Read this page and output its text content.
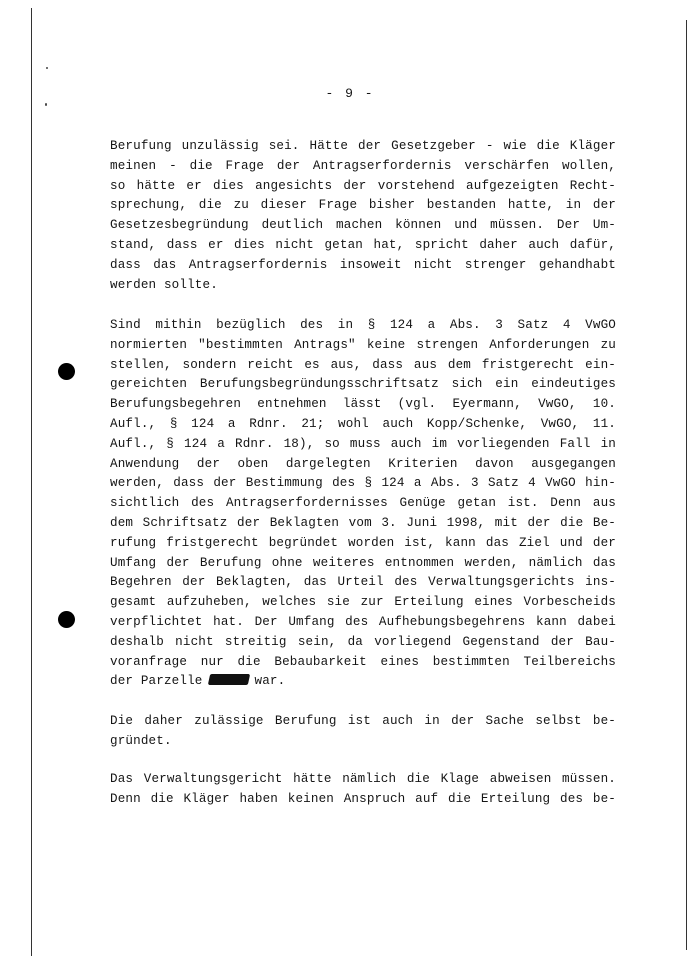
- 9 -
Berufung unzulässig sei. Hätte der Gesetzgeber - wie die Kläger
meinen - die Frage der Antragserfordernis verschärfen wollen,
so hätte er dies angesichts der vorstehend aufgezeigten Recht-
sprechung, die zu dieser Frage bisher bestanden hatte, in der
Gesetzesbegründung deutlich machen können und müssen. Der Um-
stand, dass er dies nicht getan hat, spricht daher auch dafür,
dass das Antragserfordernis insoweit nicht strenger gehandhabt
werden sollte.
Sind mithin bezüglich des in § 124 a Abs. 3 Satz 4 VwGO
normierten "bestimmten Antrags" keine strengen Anforderungen zu
stellen, sondern reicht es aus, dass aus dem fristgerecht ein-
gereichten Berufungsbegründungsschriftsatz sich ein eindeutiges
Berufungsbegehren entnehmen lässt (vgl. Eyermann, VwGO, 10.
Aufl., § 124 a Rdnr. 21; wohl auch Kopp/Schenke, VwGO, 11.
Aufl., § 124 a Rdnr. 18), so muss auch im vorliegenden Fall in
Anwendung der oben dargelegten Kriterien davon ausgegangen
werden, dass der Bestimmung des § 124 a Abs. 3 Satz 4 VwGO hin-
sichtlich des Antragserfordernisses Genüge getan ist. Denn aus
dem Schriftsatz der Beklagten vom 3. Juni 1998, mit der die Be-
rufung fristgerecht begründet worden ist, kann das Ziel und der
Umfang der Berufung ohne weiteres entnommen werden, nämlich das
Begehren der Beklagten, das Urteil des Verwaltungsgerichts ins-
gesamt aufzuheben, welches sie zur Erteilung eines Vorbescheids
verpflichtet hat. Der Umfang des Aufhebungsbegehrens kann dabei
deshalb nicht streitig sein, da vorliegend Gegenstand der Bau-
voranfrage nur die Bebaubarkeit eines bestimmten Teilbereichs
der Parzelle	war.
Die daher zulässige Berufung ist auch in der Sache selbst be-
gründet.
Das Verwaltungsgericht hätte nämlich die Klage abweisen müssen.
Denn die Kläger haben keinen Anspruch auf die Erteilung des be-
